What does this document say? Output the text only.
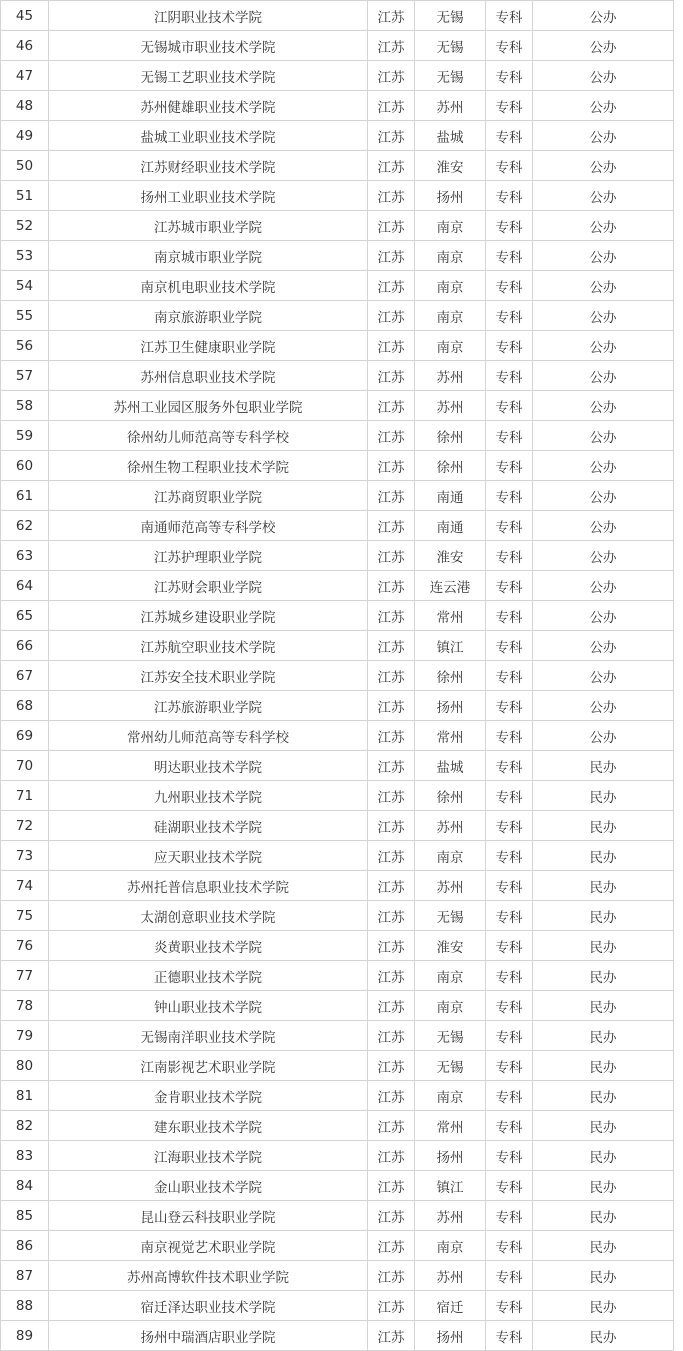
45	江阴职业技术学院	江苏	无锡	专科	公办
46	无锡城市职业技术学院	江苏	无锡	专科	公办
47	无锡工艺职业技术学院	江苏	无锡	专科	公办
48	苏州健雄职业技术学院	江苏	苏州	专科	公办
49	盐城工业职业技术学院	江苏	盐城	专科	公办
50	江苏财经职业技术学院	江苏	淮安	专科	公办
51	扬州工业职业技术学院	江苏	扬州	专科	公办
52	江苏城市职业学院	江苏	南京	专科	公办
53	南京城市职业学院	江苏	南京	专科	公办
54	南京机电职业技术学院	江苏	南京	专科	公办
55	南京旅游职业学院	江苏	南京	专科	公办
56	江苏卫生健康职业学院	江苏	南京	专科	公办
57	苏州信息职业技术学院	江苏	苏州	专科	公办
58	苏州工业园区服务外包职业学院	江苏	苏州	专科	公办
59	徐州幼儿师范高等专科学校	江苏	徐州	专科	公办
60	徐州生物工程职业技术学院	江苏	徐州	专科	公办
61	江苏商贸职业学院	江苏	南通	专科	公办
62	南通师范高等专科学校	江苏	南通	专科	公办
63	江苏护理职业学院	江苏	淮安	专科	公办
64	江苏财会职业学院	江苏	连云港	专科	公办
65	江苏城乡建设职业学院	江苏	常州	专科	公办
66	江苏航空职业技术学院	江苏	镇江	专科	公办
67	江苏安全技术职业学院	江苏	徐州	专科	公办
68	江苏旅游职业学院	江苏	扬州	专科	公办
69	常州幼儿师范高等专科学校	江苏	常州	专科	公办
70	明达职业技术学院	江苏	盐城	专科	民办
71	九州职业技术学院	江苏	徐州	专科	民办
72	硅湖职业技术学院	江苏	苏州	专科	民办
73	应天职业技术学院	江苏	南京	专科	民办
74	苏州托普信息职业技术学院	江苏	苏州	专科	民办
75	太湖创意职业技术学院	江苏	无锡	专科	民办
76	炎黄职业技术学院	江苏	淮安	专科	民办
77	正德职业技术学院	江苏	南京	专科	民办
78	钟山职业技术学院	江苏	南京	专科	民办
79	无锡南洋职业技术学院	江苏	无锡	专科	民办
80	江南影视艺术职业学院	江苏	无锡	专科	民办
81	金肯职业技术学院	江苏	南京	专科	民办
82	建东职业技术学院	江苏	常州	专科	民办
83	江海职业技术学院	江苏	扬州	专科	民办
84	金山职业技术学院	江苏	镇江	专科	民办
85	昆山登云科技职业学院	江苏	苏州	专科	民办
86	南京视觉艺术职业学院	江苏	南京	专科	民办
87	苏州高博软件技术职业学院	江苏	苏州	专科	民办
88	宿迁泽达职业技术学院	江苏	宿迁	专科	民办
89	扬州中瑞酒店职业学院	江苏	扬州	专科	民办
